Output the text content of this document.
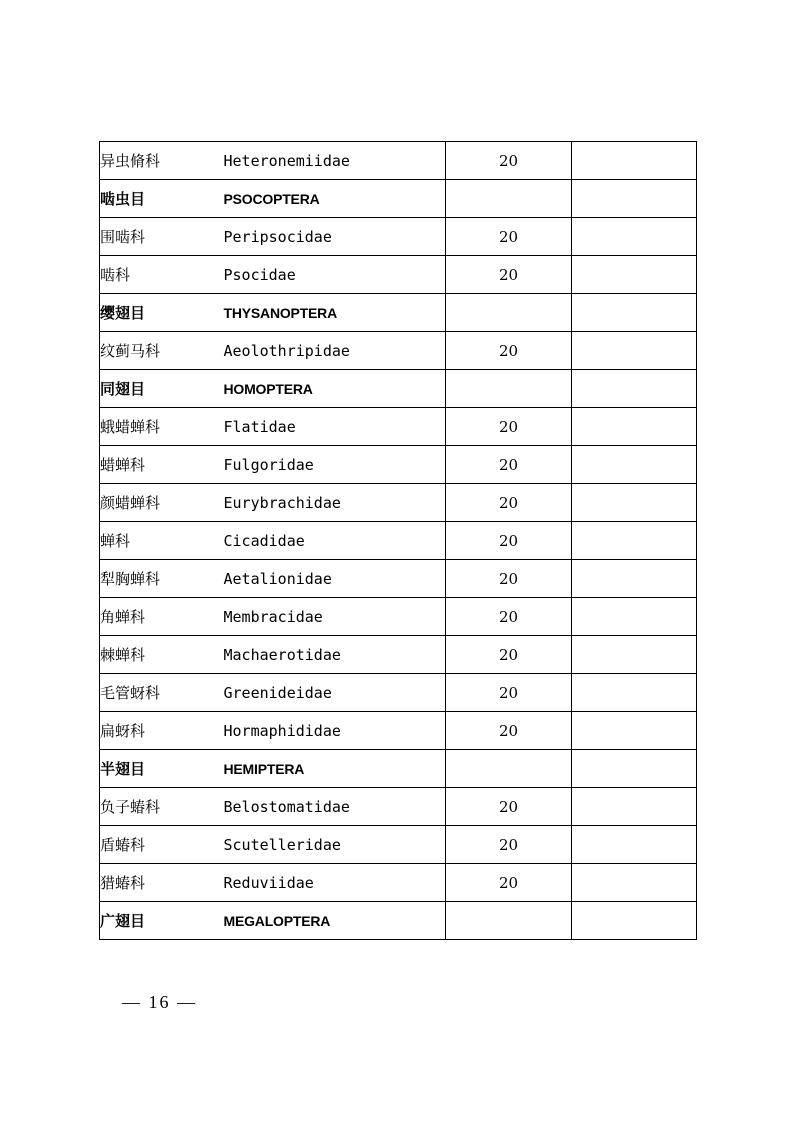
异虫脩科	Heteronemiidae	20	
啮虫目	PSOCOPTERA		
围啮科	Peripsocidae	20	
啮科	Psocidae	20	
缨翅目	THYSANOPTERA		
纹蓟马科	Aeolothripidae	20	
同翅目	HOMOPTERA		
蛾蜡蝉科	Flatidae	20	
蜡蝉科	Fulgoridae	20	
颜蜡蝉科	Eurybrachidae	20	
蝉科	Cicadidae	20	
犁胸蝉科	Aetalionidae	20	
角蝉科	Membracidae	20	
棘蝉科	Machaerotidae	20	
毛管蚜科	Greenideidae	20	
扁蚜科	Hormaphididae	20	
半翅目	HEMIPTERA		
负子蝽科	Belostomatidae	20	
盾蝽科	Scutelleridae	20	
猎蝽科	Reduviidae	20	
广翅目	MEGALOPTERA		
— 16 —
